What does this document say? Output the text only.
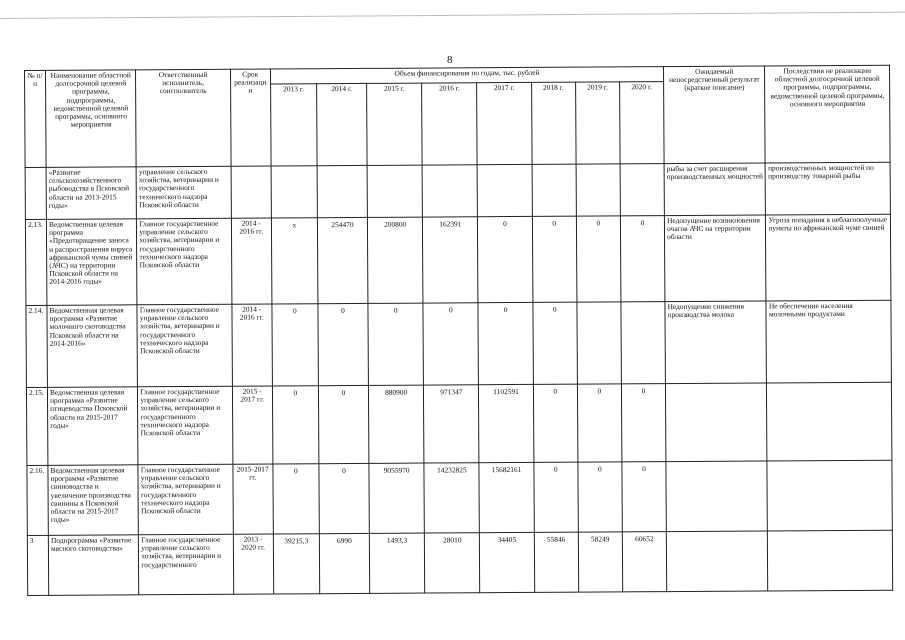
8
№ п/п	Наименование областной долгосрочной целевой программы, подпрограммы, ведомственной целевой программы, основного мероприятия	Ответственный исполнитель, соисполнитель	Срок реализации	Объем финансирования по годам, тыс. рублей								Ожидаемый непосредственный результат (краткое описание)	Последствия не реализации областной долгосрочной целевой программы, подпрограммы, ведомственной целевой программы, основного мероприятия
				2013 г.	2014 г.	2015 г.	2016 г.	2017 г.	2018 г.	2019 г.	2020 г.		
	«Развитие сельскохозяйственного рыбоводства в Псковской области на 2013-2015 годы»	управление сельского хозяйства, ветеринарии и государственного технического надзора Псковской области										рыбы за счет расширения производственных мощностей	производственных мощностей по производству товарной рыбы
2.13.	Ведомственная целевая программа «Предотвращение заноса и распространения вируса африканской чумы свиней (АЧС) на территории Псковской области на 2014-2016 годы»	Главное государственное управление сельского хозяйства, ветеринарии и государственного технического надзора Псковской области	2014 - 2016 гг.	x	254470	200800	162391	0	0	0	0	Недопущение возникновения очагов АЧС на территории области	Угроза попадания в неблагополучные пункты по африканской чуме свиней
2.14.	Ведомственная целевая программа «Развитие молочного скотоводства Псковской области на 2014-2016»	Главное государственное управление сельского хозяйства, ветеринарии и государственного технического надзора Псковской области	2014 - 2016 гг.	0	0	0	0	0	0			Недопущение снижения производства молока	Не обеспечение населения молочными продуктами
2.15.	Ведомственная целевая программа «Развитие птицеводства Псковской области на 2015-2017 годы»	Главное государственное управление сельского хозяйства, ветеринарии и государственного технического надзора Псковской области	2015 - 2017 гг.	0	0	880900	971347	1102591	0	0	0		
2.16.	Ведомственная целевая программа «Развитие свиноводства и увеличение производства свинины в Псковской области на 2015-2017 годы»	Главное государственное управление сельского хозяйства, ветеринарии и государственного технического надзора Псковской области	2015-2017 гг.	0	0	9055970	14232825	15682161	0	0	0		
3	Подпрограмма «Развитие мясного скотоводства»	Главное государственное управление сельского хозяйства, ветеринарии и государственного	2013 - 2020 гг.	39215,3	6990	1493,3	28010	34405	55846	58249	60652		
